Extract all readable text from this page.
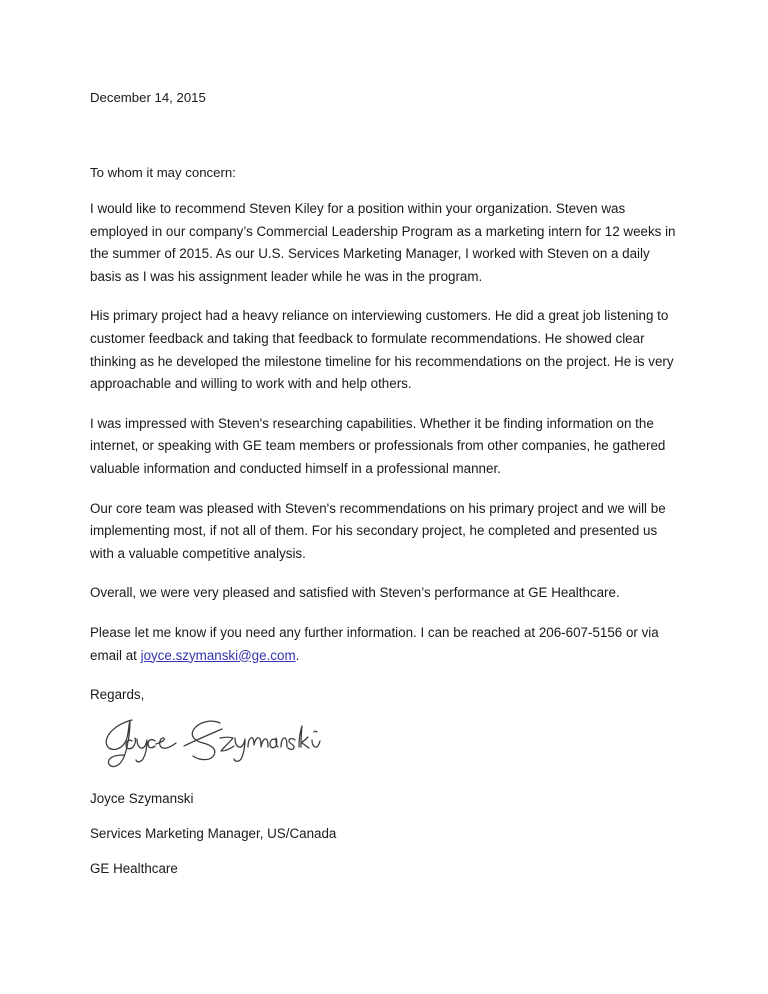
December 14, 2015

To whom it may concern:

I would like to recommend Steven Kiley for a position within your organization. Steven was employed in our company’s Commercial Leadership Program as a marketing intern for 12 weeks in the summer of 2015. As our U.S. Services Marketing Manager, I worked with Steven on a daily basis as I was his assignment leader while he was in the program.

His primary project had a heavy reliance on interviewing customers. He did a great job listening to customer feedback and taking that feedback to formulate recommendations. He showed clear thinking as he developed the milestone timeline for his recommendations on the project. He is very approachable and willing to work with and help others.

I was impressed with Steven's researching capabilities. Whether it be finding information on the internet, or speaking with GE team members or professionals from other companies, he gathered valuable information and conducted himself in a professional manner.

Our core team was pleased with Steven's recommendations on his primary project and we will be implementing most, if not all of them. For his secondary project, he completed and presented us with a valuable competitive analysis.

Overall, we were very pleased and satisfied with Steven’s performance at GE Healthcare.

Please let me know if you need any further information. I can be reached at 206-607-5156 or via email at joyce.szymanski@ge.com.

Regards,

Joyce Szymanski

Services Marketing Manager, US/Canada

GE Healthcare
